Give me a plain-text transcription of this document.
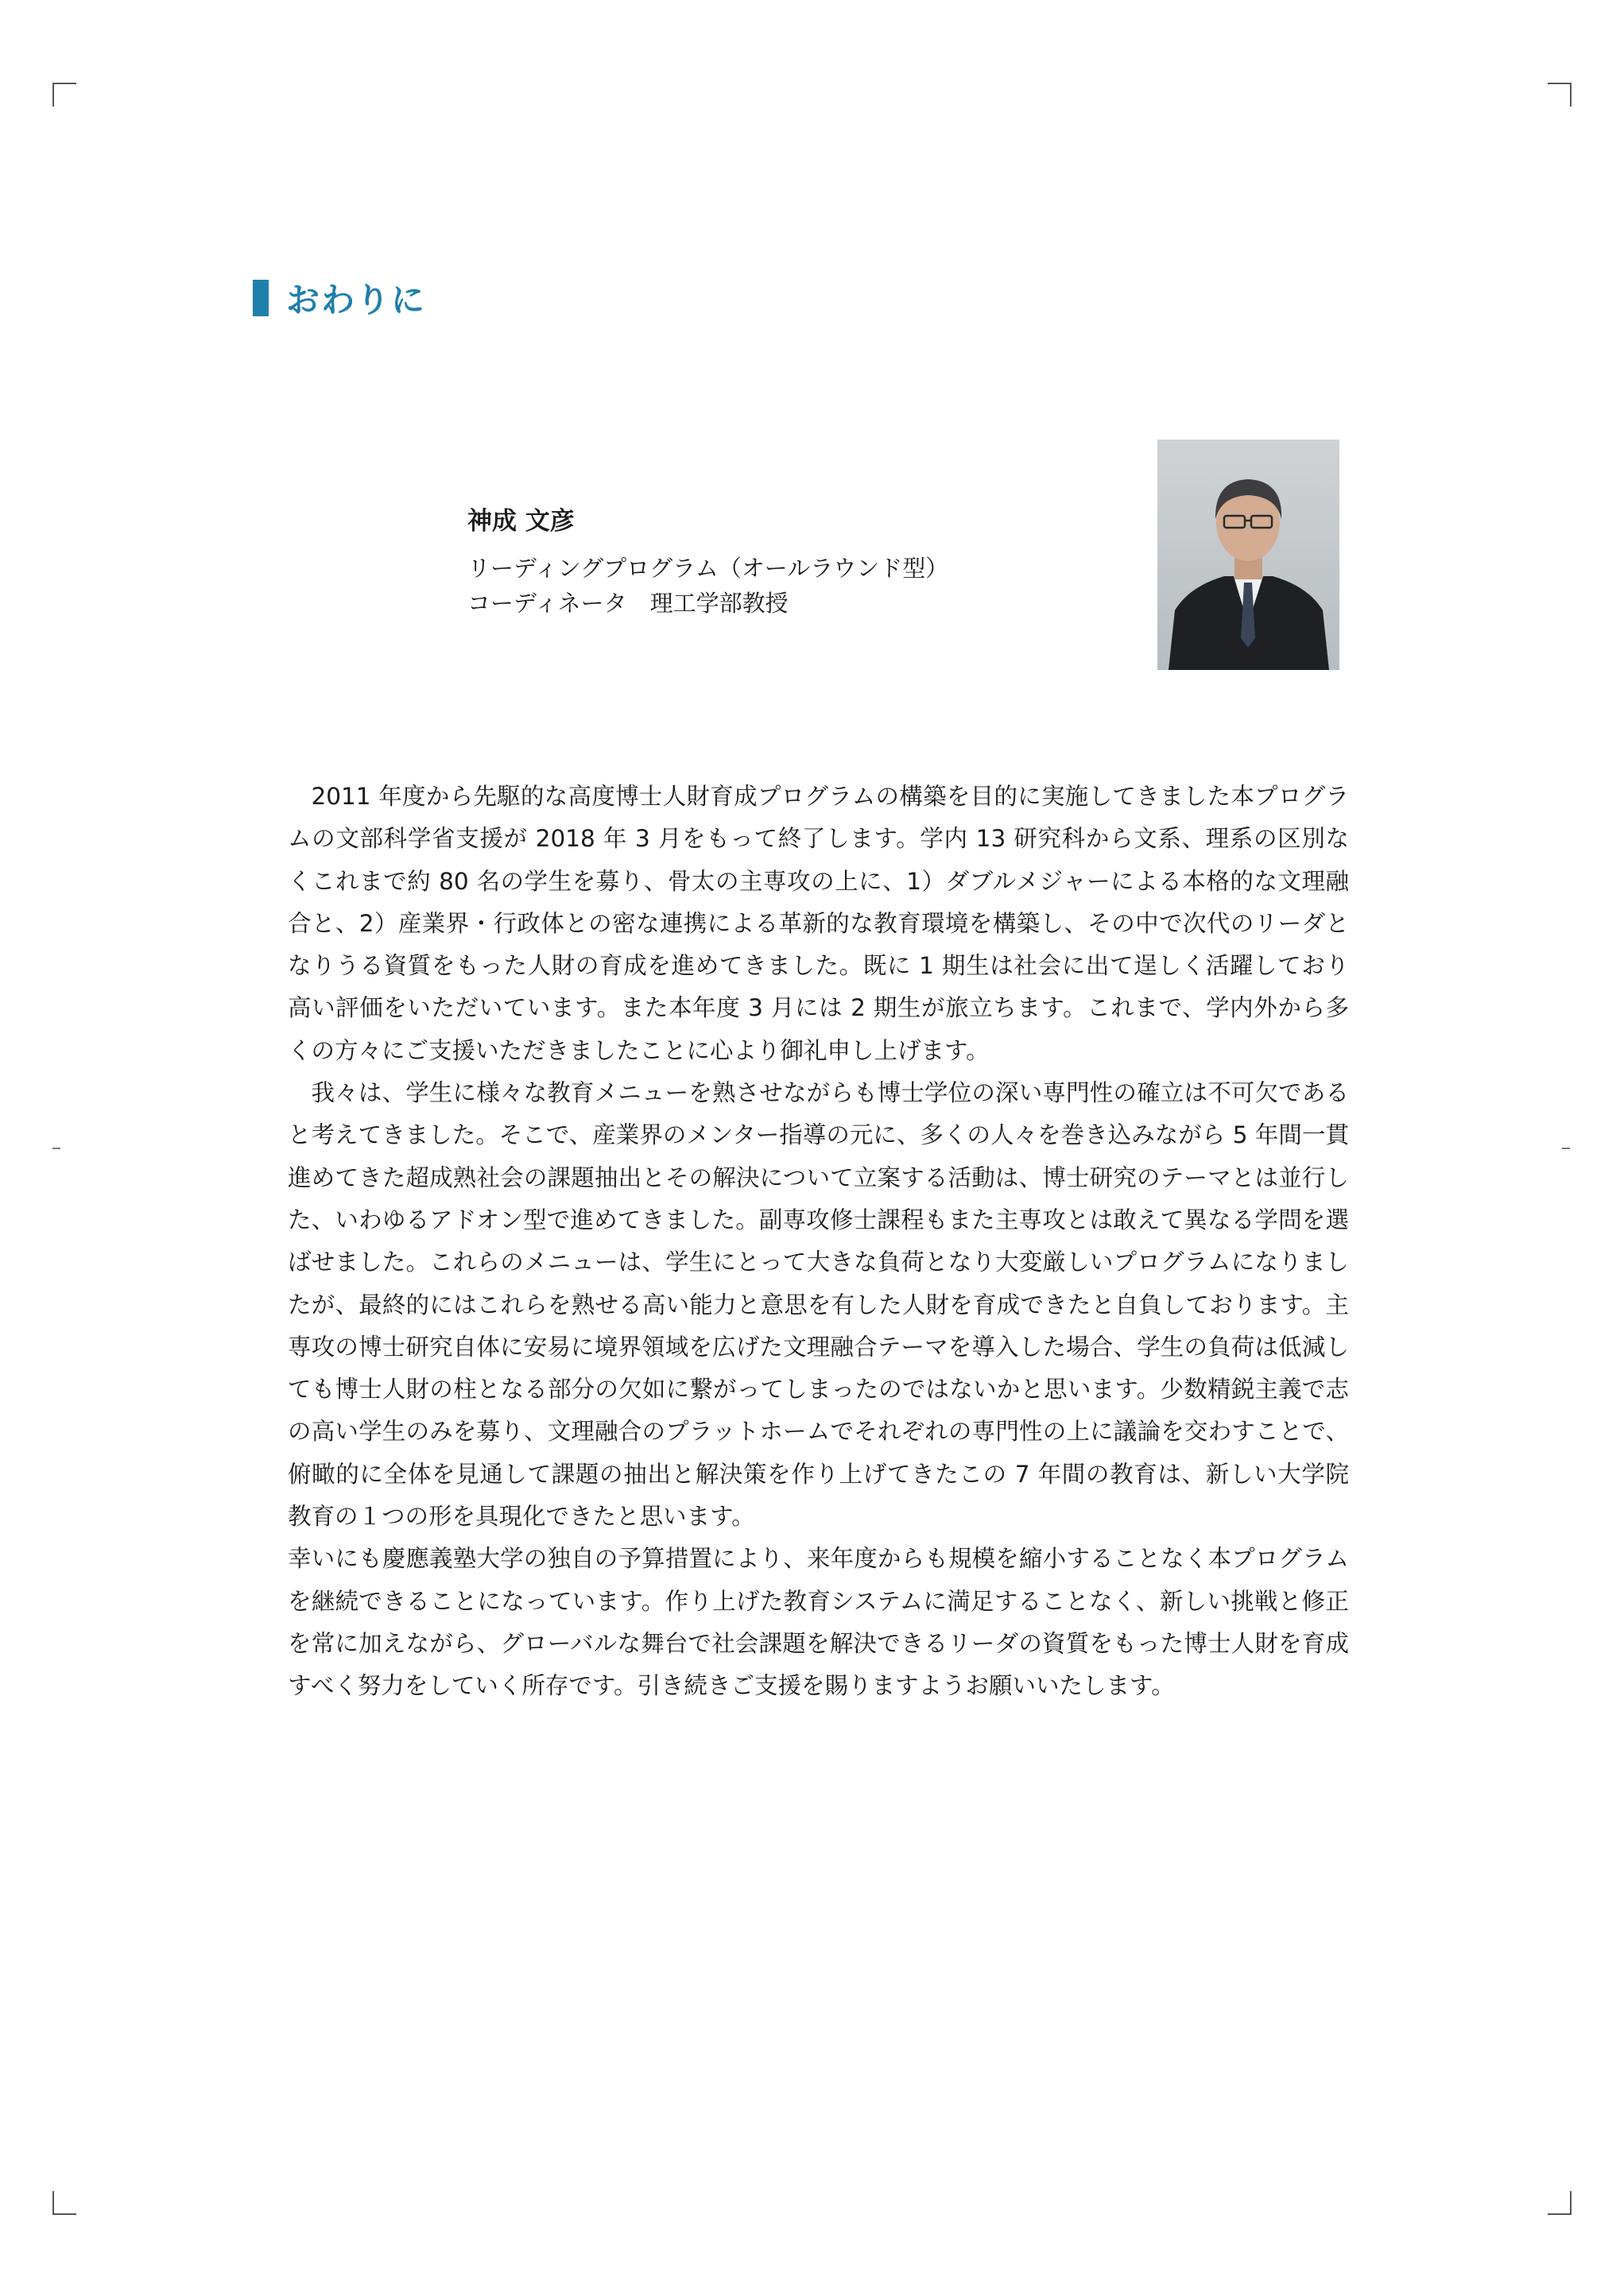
おわりに
神成 文彦
リーディングプログラム（オールラウンド型）
コーディネータ　理工学部教授

2011 年度から先駆的な高度博士人財育成プログラムの構築を目的に実施してきました本プログラムの文部科学省支援が 2018 年 3 月をもって終了します。学内 13 研究科から文系、理系の区別なくこれまで約 80 名の学生を募り、骨太の主専攻の上に、1）ダブルメジャーによる本格的な文理融合と、2）産業界・行政体との密な連携による革新的な教育環境を構築し、その中で次代のリーダとなりうる資質をもった人財の育成を進めてきました。既に 1 期生は社会に出て逞しく活躍しており高い評価をいただいています。また本年度 3 月には 2 期生が旅立ちます。これまで、学内外から多くの方々にご支援いただきましたことに心より御礼申し上げます。

我々は、学生に様々な教育メニューを熟させながらも博士学位の深い専門性の確立は不可欠であると考えてきました。そこで、産業界のメンター指導の元に、多くの人々を巻き込みながら 5 年間一貫進めてきた超成熟社会の課題抽出とその解決について立案する活動は、博士研究のテーマとは並行した、いわゆるアドオン型で進めてきました。副専攻修士課程もまた主専攻とは敢えて異なる学問を選ばせました。これらのメニューは、学生にとって大きな負荷となり大変厳しいプログラムになりましたが、最終的にはこれらを熟せる高い能力と意思を有した人財を育成できたと自負しております。主専攻の博士研究自体に安易に境界領域を広げた文理融合テーマを導入した場合、学生の負荷は低減しても博士人財の柱となる部分の欠如に繋がってしまったのではないかと思います。少数精鋭主義で志の高い学生のみを募り、文理融合のプラットホームでそれぞれの専門性の上に議論を交わすことで、俯瞰的に全体を見通して課題の抽出と解決策を作り上げてきたこの 7 年間の教育は、新しい大学院教育の１つの形を具現化できたと思います。

幸いにも慶應義塾大学の独自の予算措置により、来年度からも規模を縮小することなく本プログラムを継続できることになっています。作り上げた教育システムに満足することなく、新しい挑戦と修正を常に加えながら、グローバルな舞台で社会課題を解決できるリーダの資質をもった博士人財を育成すべく努力をしていく所存です。引き続きご支援を賜りますようお願いいたします。
